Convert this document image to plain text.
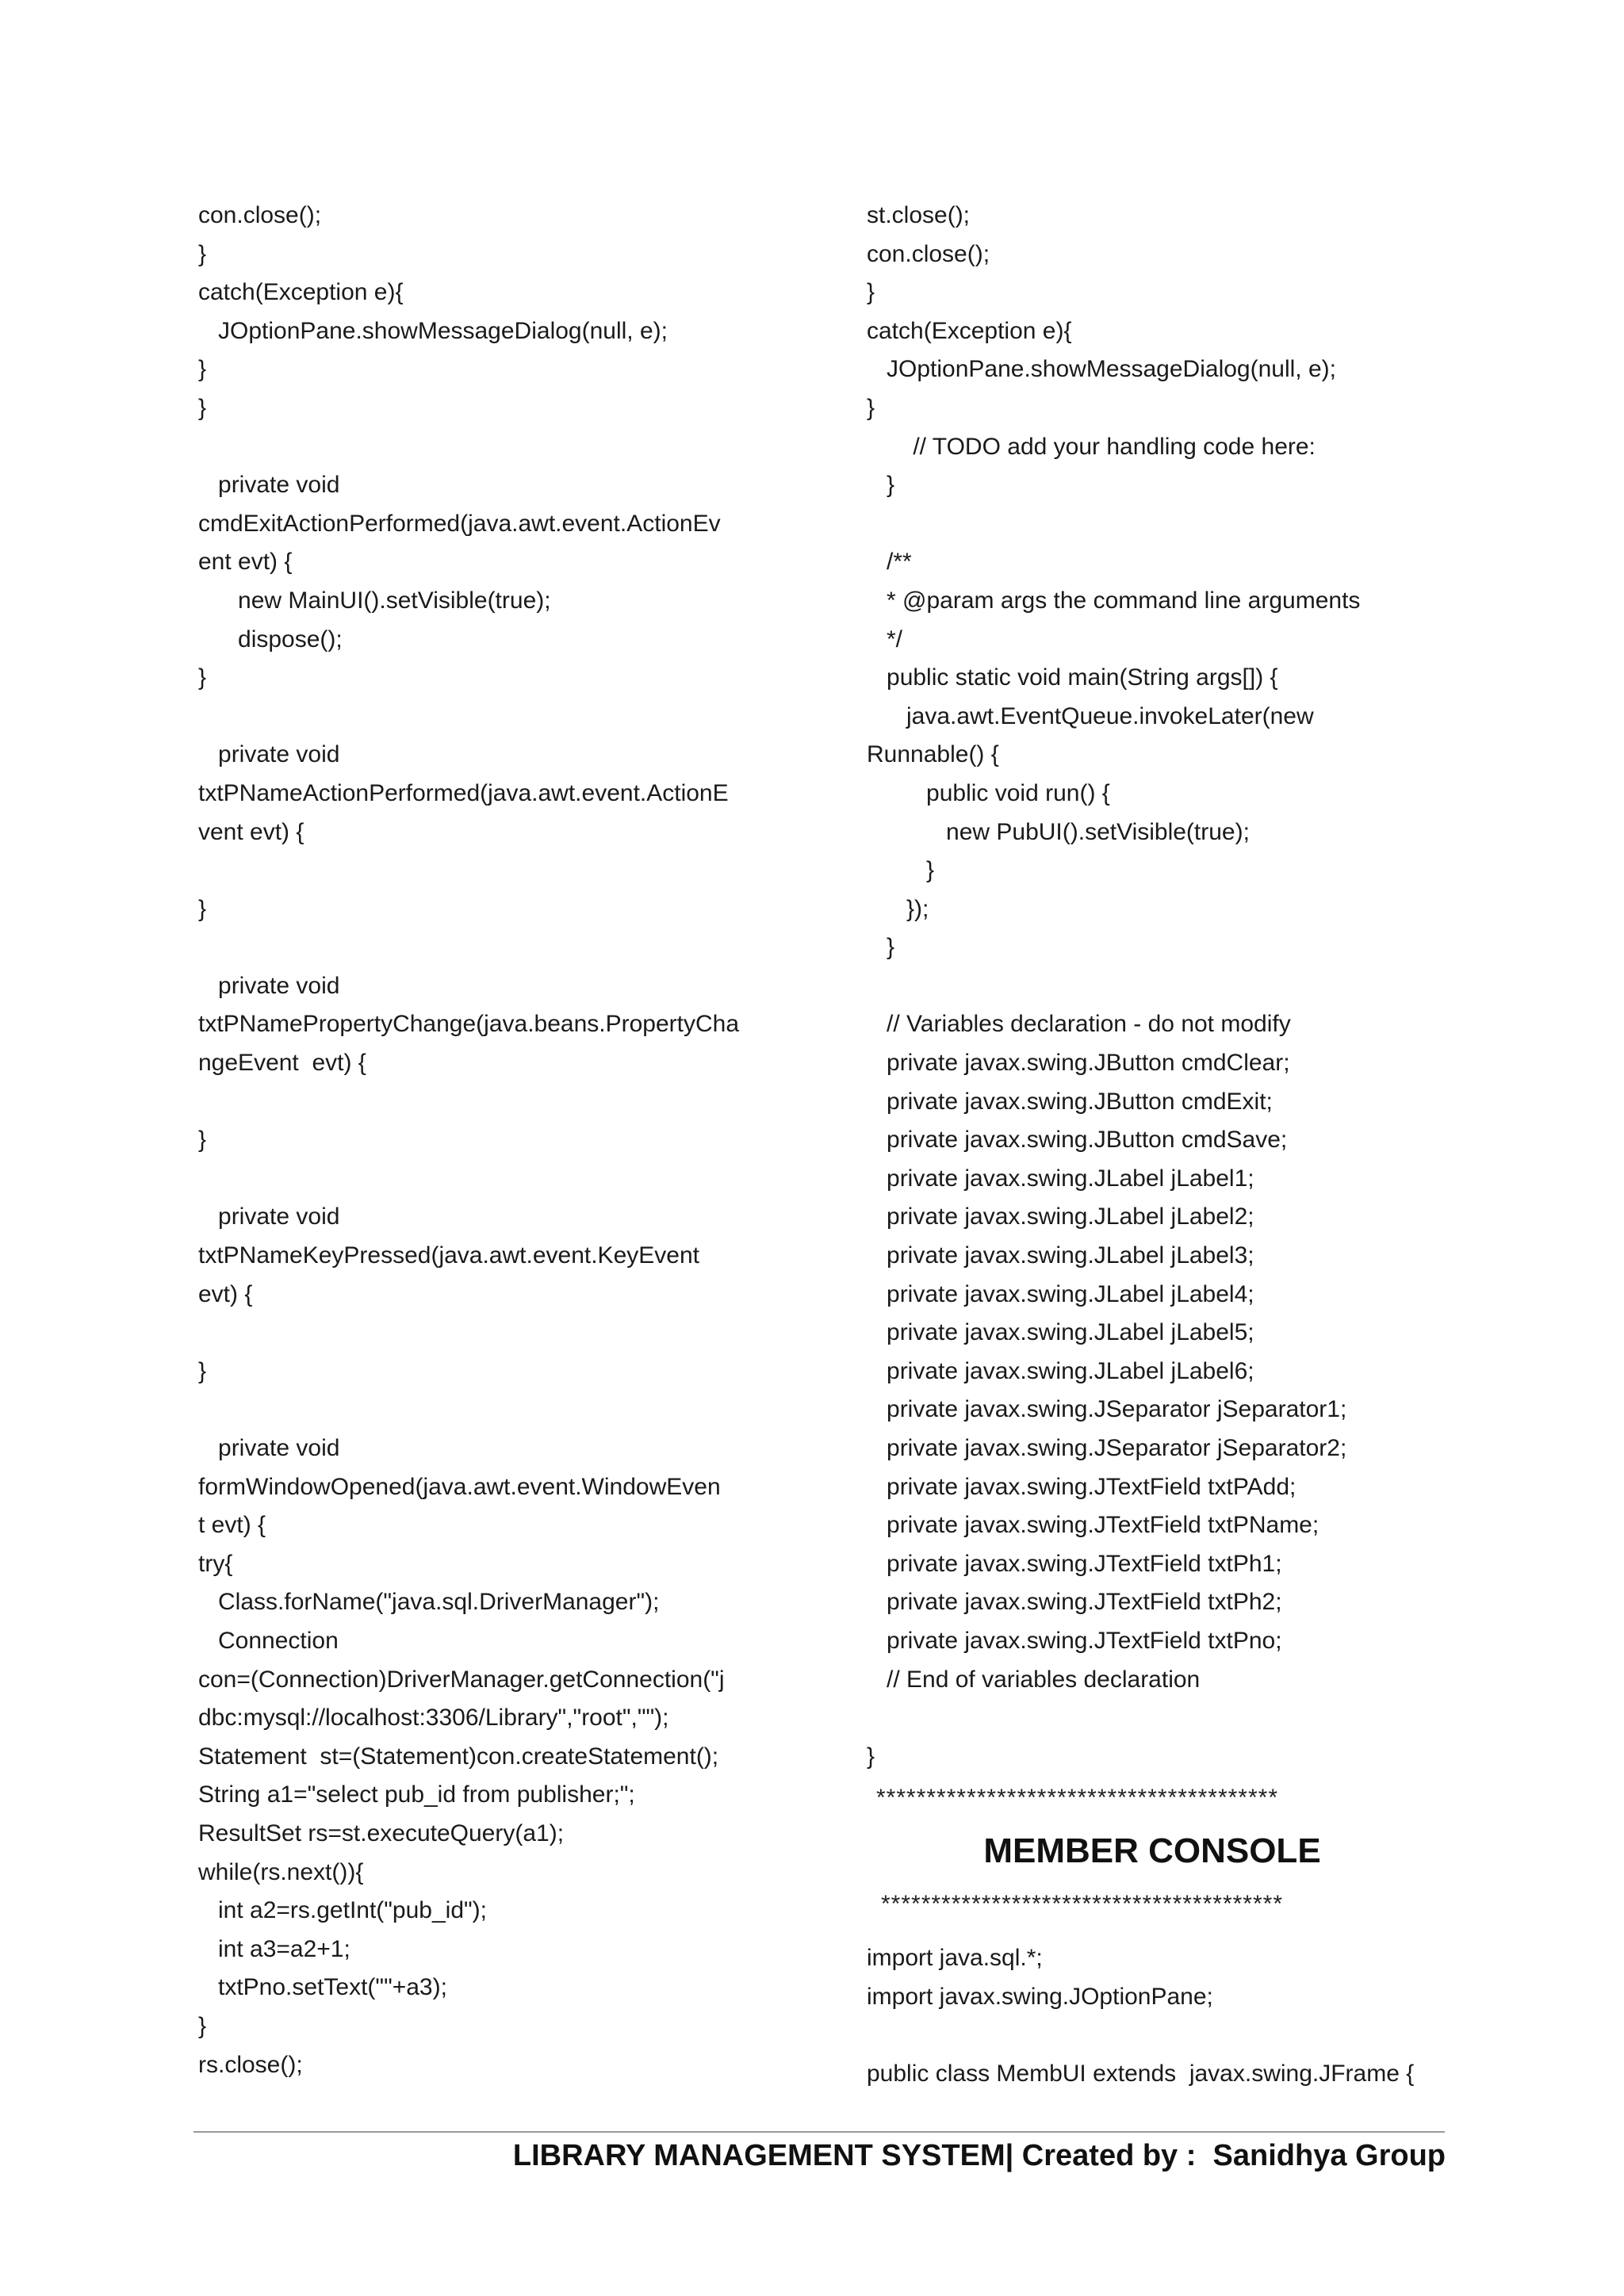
con.close();
}
catch(Exception e){
JOptionPane.showMessageDialog(null, e);
}
}
private void
cmdExitActionPerformed(java.awt.event.ActionEv
ent evt) {
new MainUI().setVisible(true);
dispose();
}
private void
txtPNameActionPerformed(java.awt.event.ActionE
vent evt) {
}
private void
txtPNamePropertyChange(java.beans.PropertyCha
ngeEvent  evt) {
}
private void
txtPNameKeyPressed(java.awt.event.KeyEvent
evt) {
}
private void
formWindowOpened(java.awt.event.WindowEven
t evt) {
try{
Class.forName("java.sql.DriverManager");
Connection
con=(Connection)DriverManager.getConnection("j
dbc:mysql://localhost:3306/Library","root","");
Statement  st=(Statement)con.createStatement();
String a1="select pub_id from publisher;";
ResultSet rs=st.executeQuery(a1);
while(rs.next()){
int a2=rs.getInt("pub_id");
int a3=a2+1;
txtPno.setText(""+a3);
}
rs.close();
st.close();
con.close();
}
catch(Exception e){
JOptionPane.showMessageDialog(null, e);
}
// TODO add your handling code here:
}
/**
* @param args the command line arguments
*/
public static void main(String args[]) {
java.awt.EventQueue.invokeLater(new
Runnable() {
public void run() {
new PubUI().setVisible(true);
}
});
}
// Variables declaration - do not modify
private javax.swing.JButton cmdClear;
private javax.swing.JButton cmdExit;
private javax.swing.JButton cmdSave;
private javax.swing.JLabel jLabel1;
private javax.swing.JLabel jLabel2;
private javax.swing.JLabel jLabel3;
private javax.swing.JLabel jLabel4;
private javax.swing.JLabel jLabel5;
private javax.swing.JLabel jLabel6;
private javax.swing.JSeparator jSeparator1;
private javax.swing.JSeparator jSeparator2;
private javax.swing.JTextField txtPAdd;
private javax.swing.JTextField txtPName;
private javax.swing.JTextField txtPh1;
private javax.swing.JTextField txtPh2;
private javax.swing.JTextField txtPno;
// End of variables declaration
}
****************************************
MEMBER CONSOLE
****************************************
import java.sql.*;
import javax.swing.JOptionPane;
public class MembUI extends  javax.swing.JFrame {
LIBRARY MANAGEMENT SYSTEM| Created by :  Sanidhya Group
